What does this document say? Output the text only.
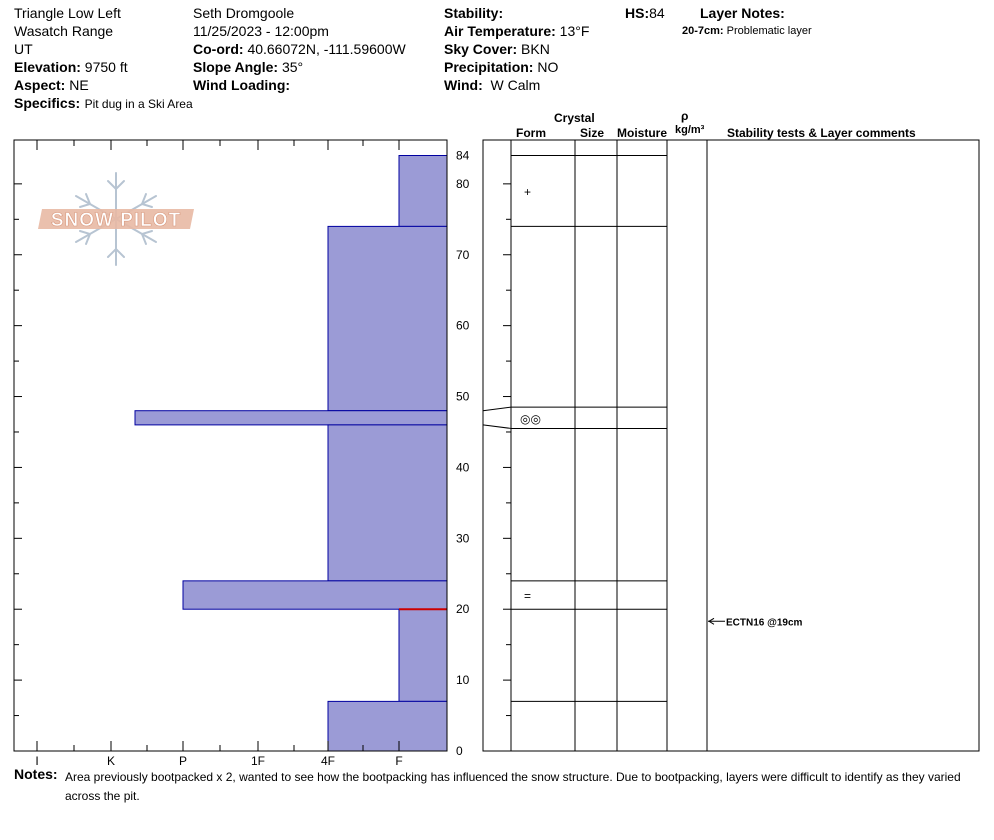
Triangle Low Left
Wasatch Range
UT
Elevation: 9750 ft
Aspect: NE
Specifics: Pit dug in a Ski Area
Seth Dromgoole
11/25/2023 - 12:00pm
Co-ord: 40.66072N, -111.59600W
Slope Angle: 35°
Wind Loading:
Stability:
Air Temperature: 13°F
Sky Cover: BKN
Precipitation: NO
Wind: W Calm
HS:84	Layer Notes:
20-7cm: Problematic layer
Crystal
Form	Size Moisture
ρ
kg/m³ Stability tests & Layer comments
SNOW PILOT
0
10
20
30
40
50
60
70
80
84
I	K	P	1F	4F	F
+
◎◎
=
ECTN16 @19cm
Notes: Area previously bootpacked x 2, wanted to see how the bootpacking has influenced the snow structure. Due to bootpacking, layers were difficult to identify as they varied across the pit.
